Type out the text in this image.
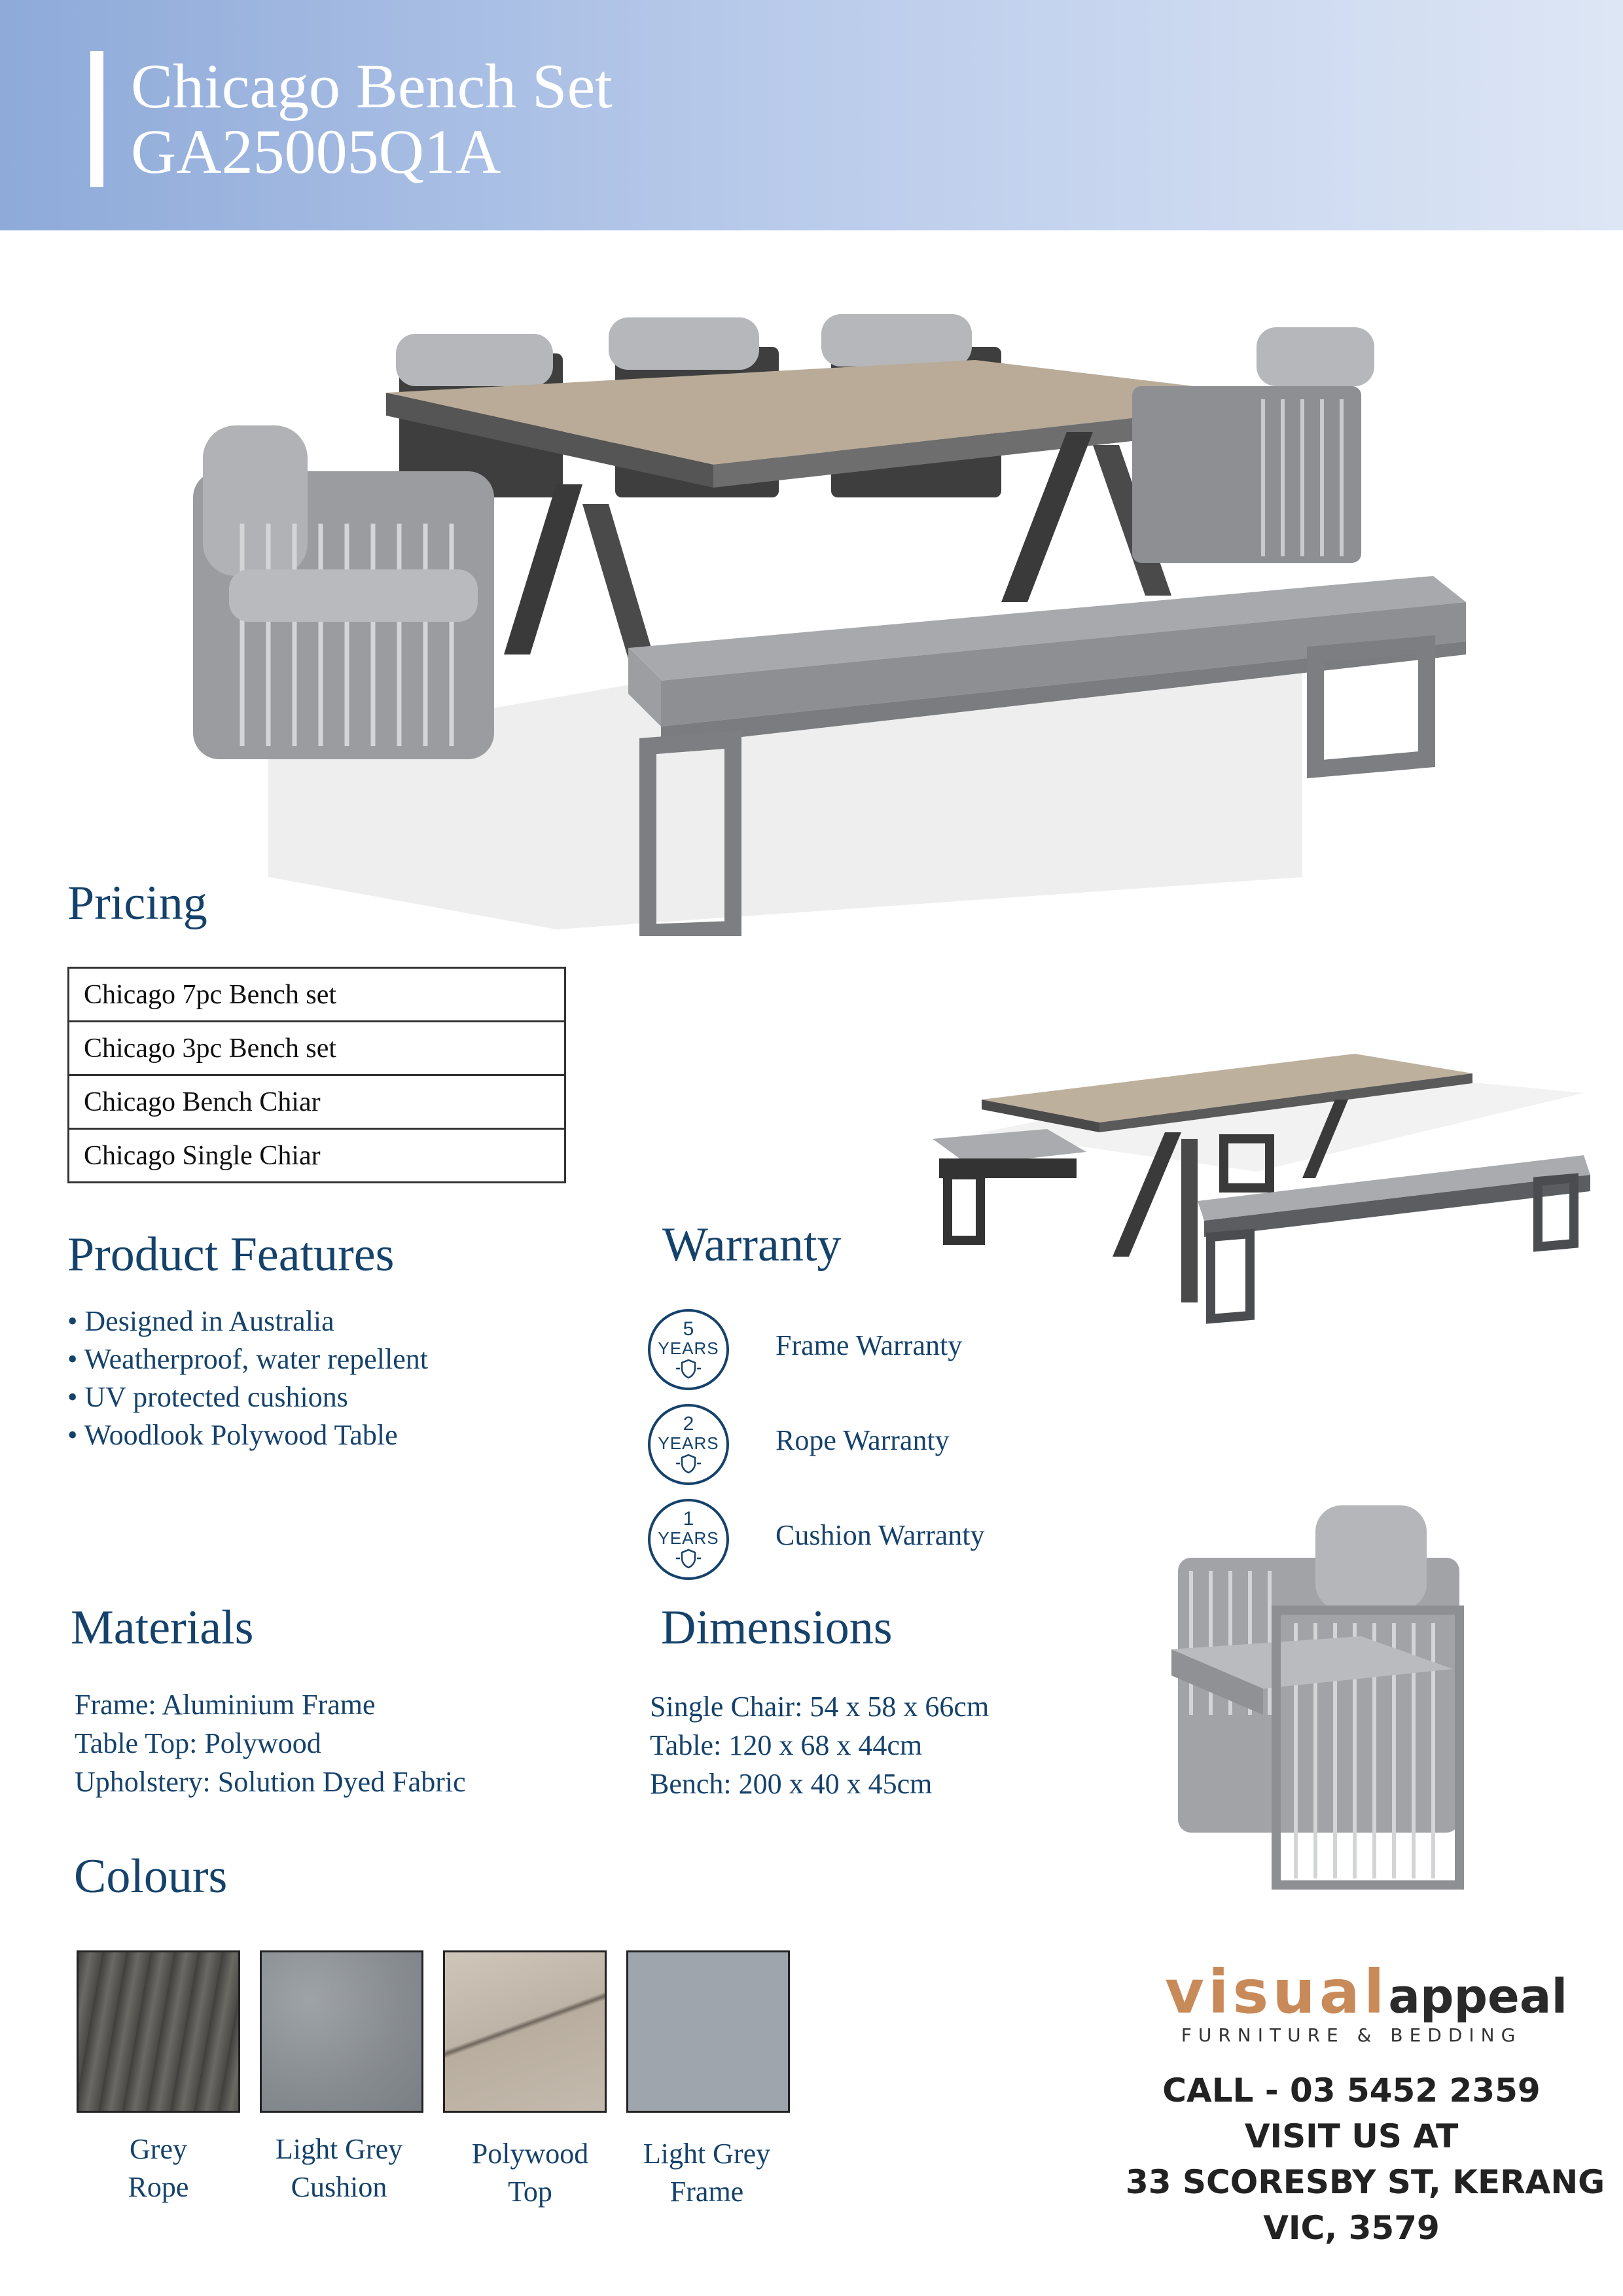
Chicago Bench Set
GA25005Q1A
Pricing
Chicago 7pc Bench set
Chicago 3pc Bench set
Chicago Bench Chiar
Chicago Single Chiar
Product Features
• Designed in Australia
• Weatherproof, water repellent
• UV protected cushions
• Woodlook Polywood Table
Warranty
5
YEARS Frame Warranty
2
YEARS Rope Warranty
1
YEARS Cushion Warranty
Materials
Frame: Aluminium Frame
Table Top: Polywood
Upholstery: Solution Dyed Fabric
Dimensions
Single Chair: 54 x 58 x 66cm
Table: 120 x 68 x 44cm
Bench: 200 x 40 x 45cm
Colours
Grey
Rope
Light Grey
Cushion
Polywood
Top
Light Grey
Frame
visualappeal
FURNITURE & BEDDING
CALL - 03 5452 2359
VISIT US AT
33 SCORESBY ST, KERANG
VIC, 3579
